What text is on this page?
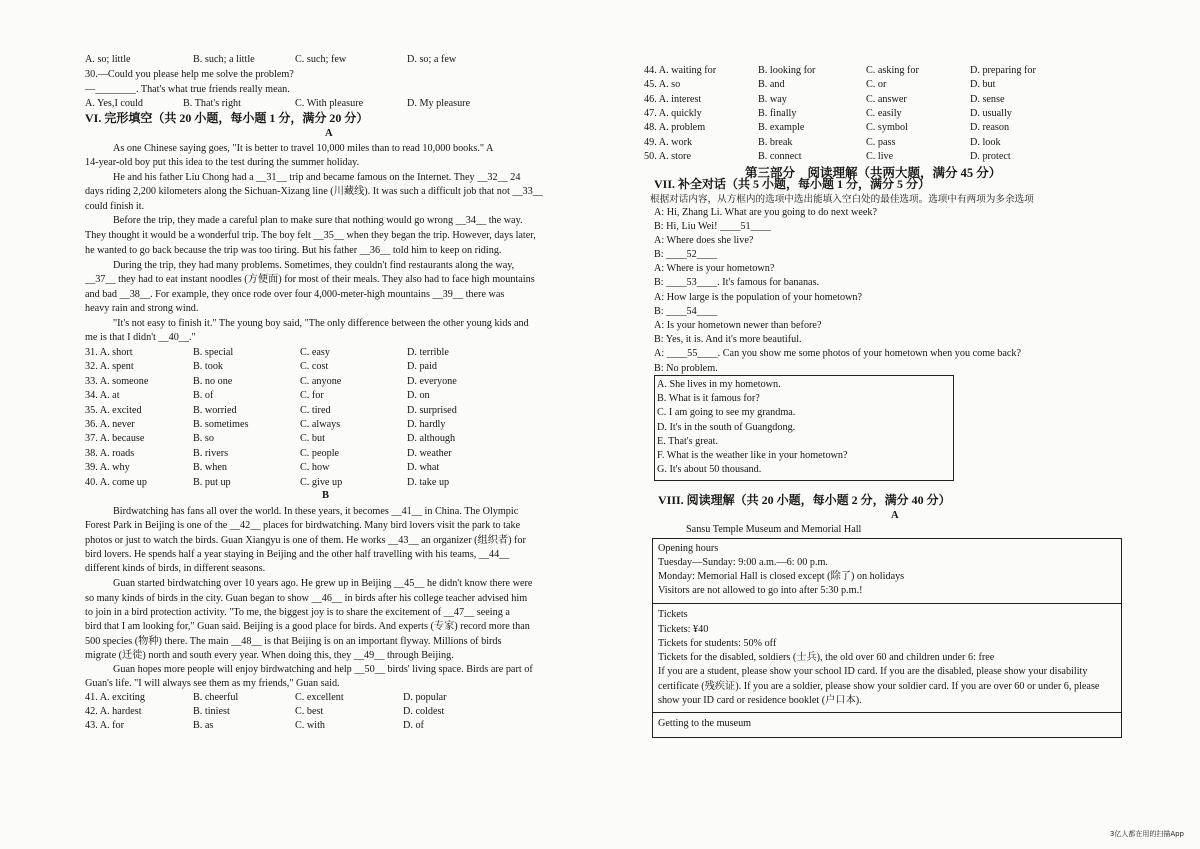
A. so; little	B. such; a little	C. such; few	D. so; a few
30.—Could you please help me solve the problem?
—________. That's what true friends really mean.
A. Yes,I could	B. That's right	C. With pleasure	D. My pleasure
VI. 完形填空（共 20 小题，每小题 1 分，满分 20 分）
A
As one Chinese saying goes, "It is better to travel 10,000 miles than to read 10,000 books." A
14-year-old boy put this idea to the test during the summer holiday.
He and his father Liu Chong had a __31__ trip and became famous on the Internet. They __32__ 24
days riding 2,200 kilometers along the Sichuan-Xizang line (川藏线). It was such a difficult job that not __33__
could finish it.
Before the trip, they made a careful plan to make sure that nothing would go wrong __34__ the way.
They thought it would be a wonderful trip. The boy felt __35__ when they began the trip. However, days later,
he wanted to go back because the trip was too tiring. But his father __36__ told him to keep on riding.
During the trip, they had many problems. Sometimes, they couldn't find restaurants along the way,
__37__ they had to eat instant noodles (方便面) for most of their meals. They also had to face high mountains
and bad __38__. For example, they once rode over four 4,000-meter-high mountains __39__ there was
heavy rain and strong wind.
"It's not easy to finish it." The young boy said, "The only difference between the other young kids and
me is that I didn't __40__."
31. A. short	B. special	C. easy	D. terrible
32. A. spent	B. took	C. cost	D. paid
33. A. someone	B. no one	C. anyone	D. everyone
34. A. at	B. of	C. for	D. on
35. A. excited	B. worried	C. tired	D. surprised
36. A. never	B. sometimes	C. always	D. hardly
37. A. because	B. so	C. but	D. although
38. A. roads	B. rivers	C. people	D. weather
39. A. why	B. when	C. how	D. what
40. A. come up	B. put up	C. give up	D. take up
B
Birdwatching has fans all over the world. In these years, it becomes __41__ in China. The Olympic
Forest Park in Beijing is one of the __42__ places for birdwatching. Many bird lovers visit the park to take
photos or just to watch the birds. Guan Xiangyu is one of them. He works __43__ an organizer (组织者) for
bird lovers. He spends half a year staying in Beijing and the other half travelling with his teams, __44__
different kinds of birds, in different seasons.
Guan started birdwatching over 10 years ago. He grew up in Beijing __45__ he didn't know there were
so many kinds of birds in the city. Guan began to show __46__ in birds after his college teacher advised him
to join in a bird protection activity. "To me, the biggest joy is to share the excitement of __47__ seeing a
bird that I am looking for," Guan said. Beijing is a good place for birds. And experts (专家) record more than
500 species (物种) there. The main __48__ is that Beijing is on an important flyway. Millions of birds
migrate (迁徙) north and south every year. When doing this, they __49__ through Beijing.
Guan hopes more people will enjoy birdwatching and help __50__ birds' living space. Birds are part of
Guan's life. "I will always see them as my friends," Guan said.
41. A. exciting	B. cheerful	C. excellent	D. popular
42. A. hardest	B. tiniest	C. best	D. coldest
43. A. for	B. as	C. with	D. of
44. A. waiting for	B. looking for	C. asking for	D. preparing for
45. A. so	B. and	C. or	D. but
46. A. interest	B. way	C. answer	D. sense
47. A. quickly	B. finally	C. easily	D. usually
48. A. problem	B. example	C. symbol	D. reason
49. A. work	B. break	C. pass	D. look
50. A. store	B. connect	C. live	D. protect
第三部分　阅读理解（共两大题，满分 45 分）
VII. 补全对话（共 5 小题，每小题 1 分，满分 5 分）
根据对话内容，从方框内的选项中选出能填入空白处的最佳选项。选项中有两项为多余选项
A: Hi, Zhang Li. What are you going to do next week?
B: Hi, Liu Wei! ____51____
A: Where does she live?
B: ____52____
A: Where is your hometown?
B: ____53____. It's famous for bananas.
A: How large is the population of your hometown?
B: ____54____
A: Is your hometown newer than before?
B: Yes, it is. And it's more beautiful.
A: ____55____. Can you show me some photos of your hometown when you come back?
B: No problem.
A. She lives in my hometown.
B. What is it famous for?
C. I am going to see my grandma.
D. It's in the south of Guangdong.
E. That's great.
F. What is the weather like in your hometown?
G. It's about 50 thousand.
VIII. 阅读理解（共 20 小题，每小题 2 分，满分 40 分）
A
Sansu Temple Museum and Memorial Hall
Opening hours
Tuesday—Sunday: 9:00 a.m.—6: 00 p.m.
Monday: Memorial Hall is closed except (除了) on holidays
Visitors are not allowed to go into after 5:30 p.m.!
Tickets
Tickets: ¥40
Tickets for students: 50% off
Tickets for the disabled, soldiers (士兵), the old over 60 and children under 6: free
If you are a student, please show your school ID card. If you are the disabled, please show your disability
certificate (残疾证). If you are a soldier, please show your soldier card. If you are over 60 or under 6, please
show your ID card or residence booklet (户口本).
Getting to the museum
3亿人都在用的扫描App
